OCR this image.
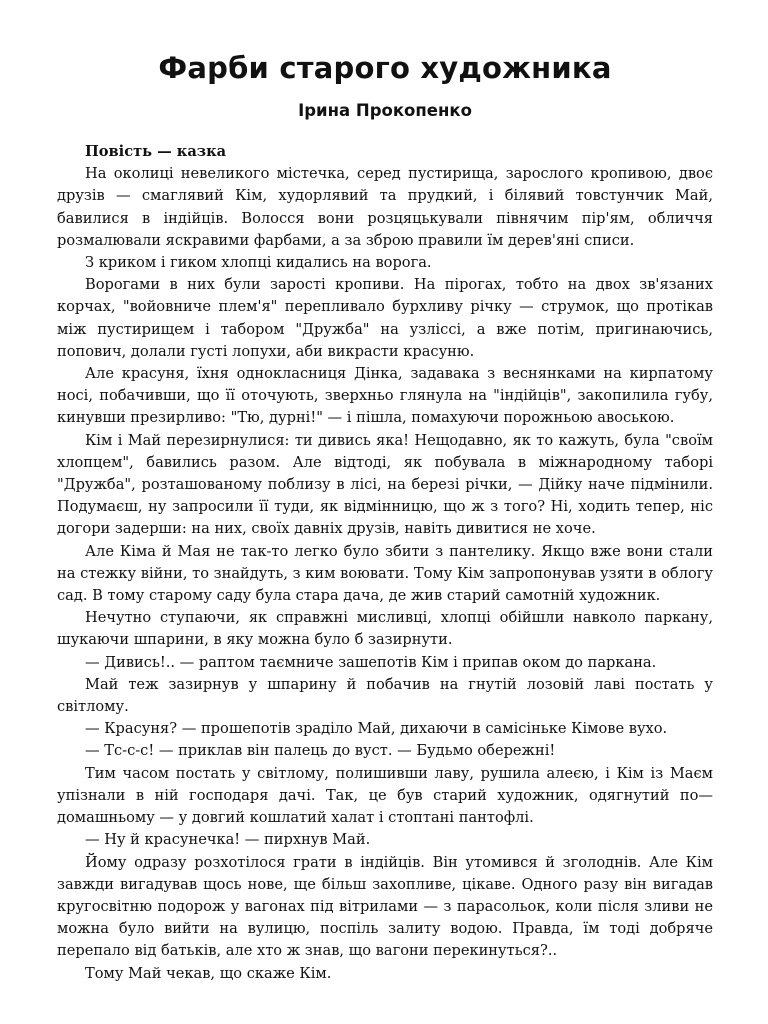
Фарби старого художника
Ірина Прокопенко

Повість — казка

На околиці невеликого містечка, серед пустирища, зарослого кропивою, двоє друзів — смаглявий Кім, худорлявий та прудкий, і білявий товстунчик Май, бавилися в індійців. Волосся вони розцяцькували пiвнячим пір'ям, обличчя розмалювали яскравими фарбами, а за зброю правили їм дерев'яні списи.

З криком і гиком хлопці кидались на ворога.

Ворогами в них були зарості кропиви. На пірогах, тобто на двох зв'язаних корчах, "войовниче плем'я" перепливало бурхливу річку — струмок, що протікав між пустирищем і табором "Дружба" на узліссі, а вже потім, пригинаючись, попович, долали густі лопухи, аби викрасти красуню.

Але красуня, їхня однокласниця Дінка, задавака з веснянками на кирпатому носі, побачивши, що її оточують, зверхньо глянула на "індійців", закопилила губу, кинувши презирливо: "Тю, дурні!" — і пішла, помахуючи порожньою авоською.

Кім і Май перезирнулися: ти дивись яка! Нещодавно, як то кажуть, була "своїм хлопцем", бавились разом. Але відтоді, як побувала в міжнародному таборі "Дружба", розташованому поблизу в лісі, на березі річки, — Дійку наче підмінили. Подумаєш, ну запросили її туди, як відмінницю, що ж з того? Ні, ходить тепер, ніс догори задерши: на них, своїх давніх друзів, навіть дивитися не хоче.

Але Кіма й Мая не так-то легко було збити з пантелику. Якщо вже вони стали на стежку війни, то знайдуть, з ким воювати. Тому Кім запропонував узяти в облогу сад. В тому старому саду була стара дача, де жив старий самотній художник.

Нечутно ступаючи, як справжні мисливці, хлопці обійшли навколо паркану, шукаючи шпарини, в яку можна було б зазирнути.

— Дивись!.. — раптом таємниче зашепотів Кім і припав оком до паркана.

Май теж зазирнув у шпарину й побачив на гнутій лозовій лаві постать у світлому.

— Красуня? — прошепотів зрадiло Май, дихаючи в самісіньке Кімове вухо.

— Тс-с-с! — приклав він палець до вуст. — Будьмо обережні!

Тим часом постать у світлому, полишивши лаву, рушила алеєю, і Кім із Маєм упізнали в ній господаря дачі. Так, це був старий художник, одягнутий по—домашньому — у довгий кошлатий халат і стоптані пантофлі.

— Ну й красунечка! — пирхнув Май.

Йому одразу розхотілося грати в індійців. Він утомився й зголоднів. Але Кім завжди вигадував щось нове, ще більш захопливе, цікаве. Одного разу він вигадав кругосвітню подорож у вагонах під вітрилами — з парасольок, коли після зливи не можна було вийти на вулицю, поспіль залиту водою. Правда, їм тоді добряче перепало від батьків, але хто ж знав, що вагони перекинуться?..

Тому Май чекав, що скаже Кім.
